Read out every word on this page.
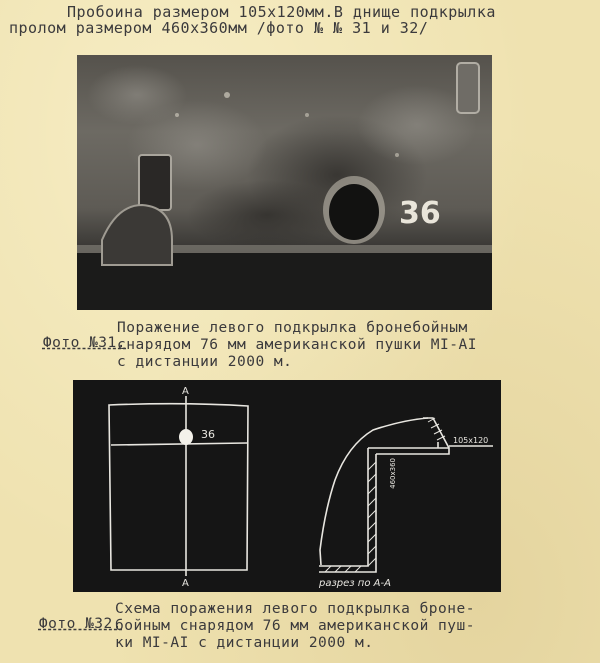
Пробоина размером 105x120мм.В днище подкрылка
пролом размером 460x360мм /фото № № 31 и 32/
36

Фото №31.

Поражение левого подкрылка бронебойным
снарядом 76 мм американской пушки МI-АI
с дистанции 2000 м.
А
А
36	105x120
460x360
разрез по А-А

Фото №32.

Схема поражения левого подкрылка броне-
бойным снарядом 76 мм американской пуш-
ки МI-АI с дистанции 2000 м.
